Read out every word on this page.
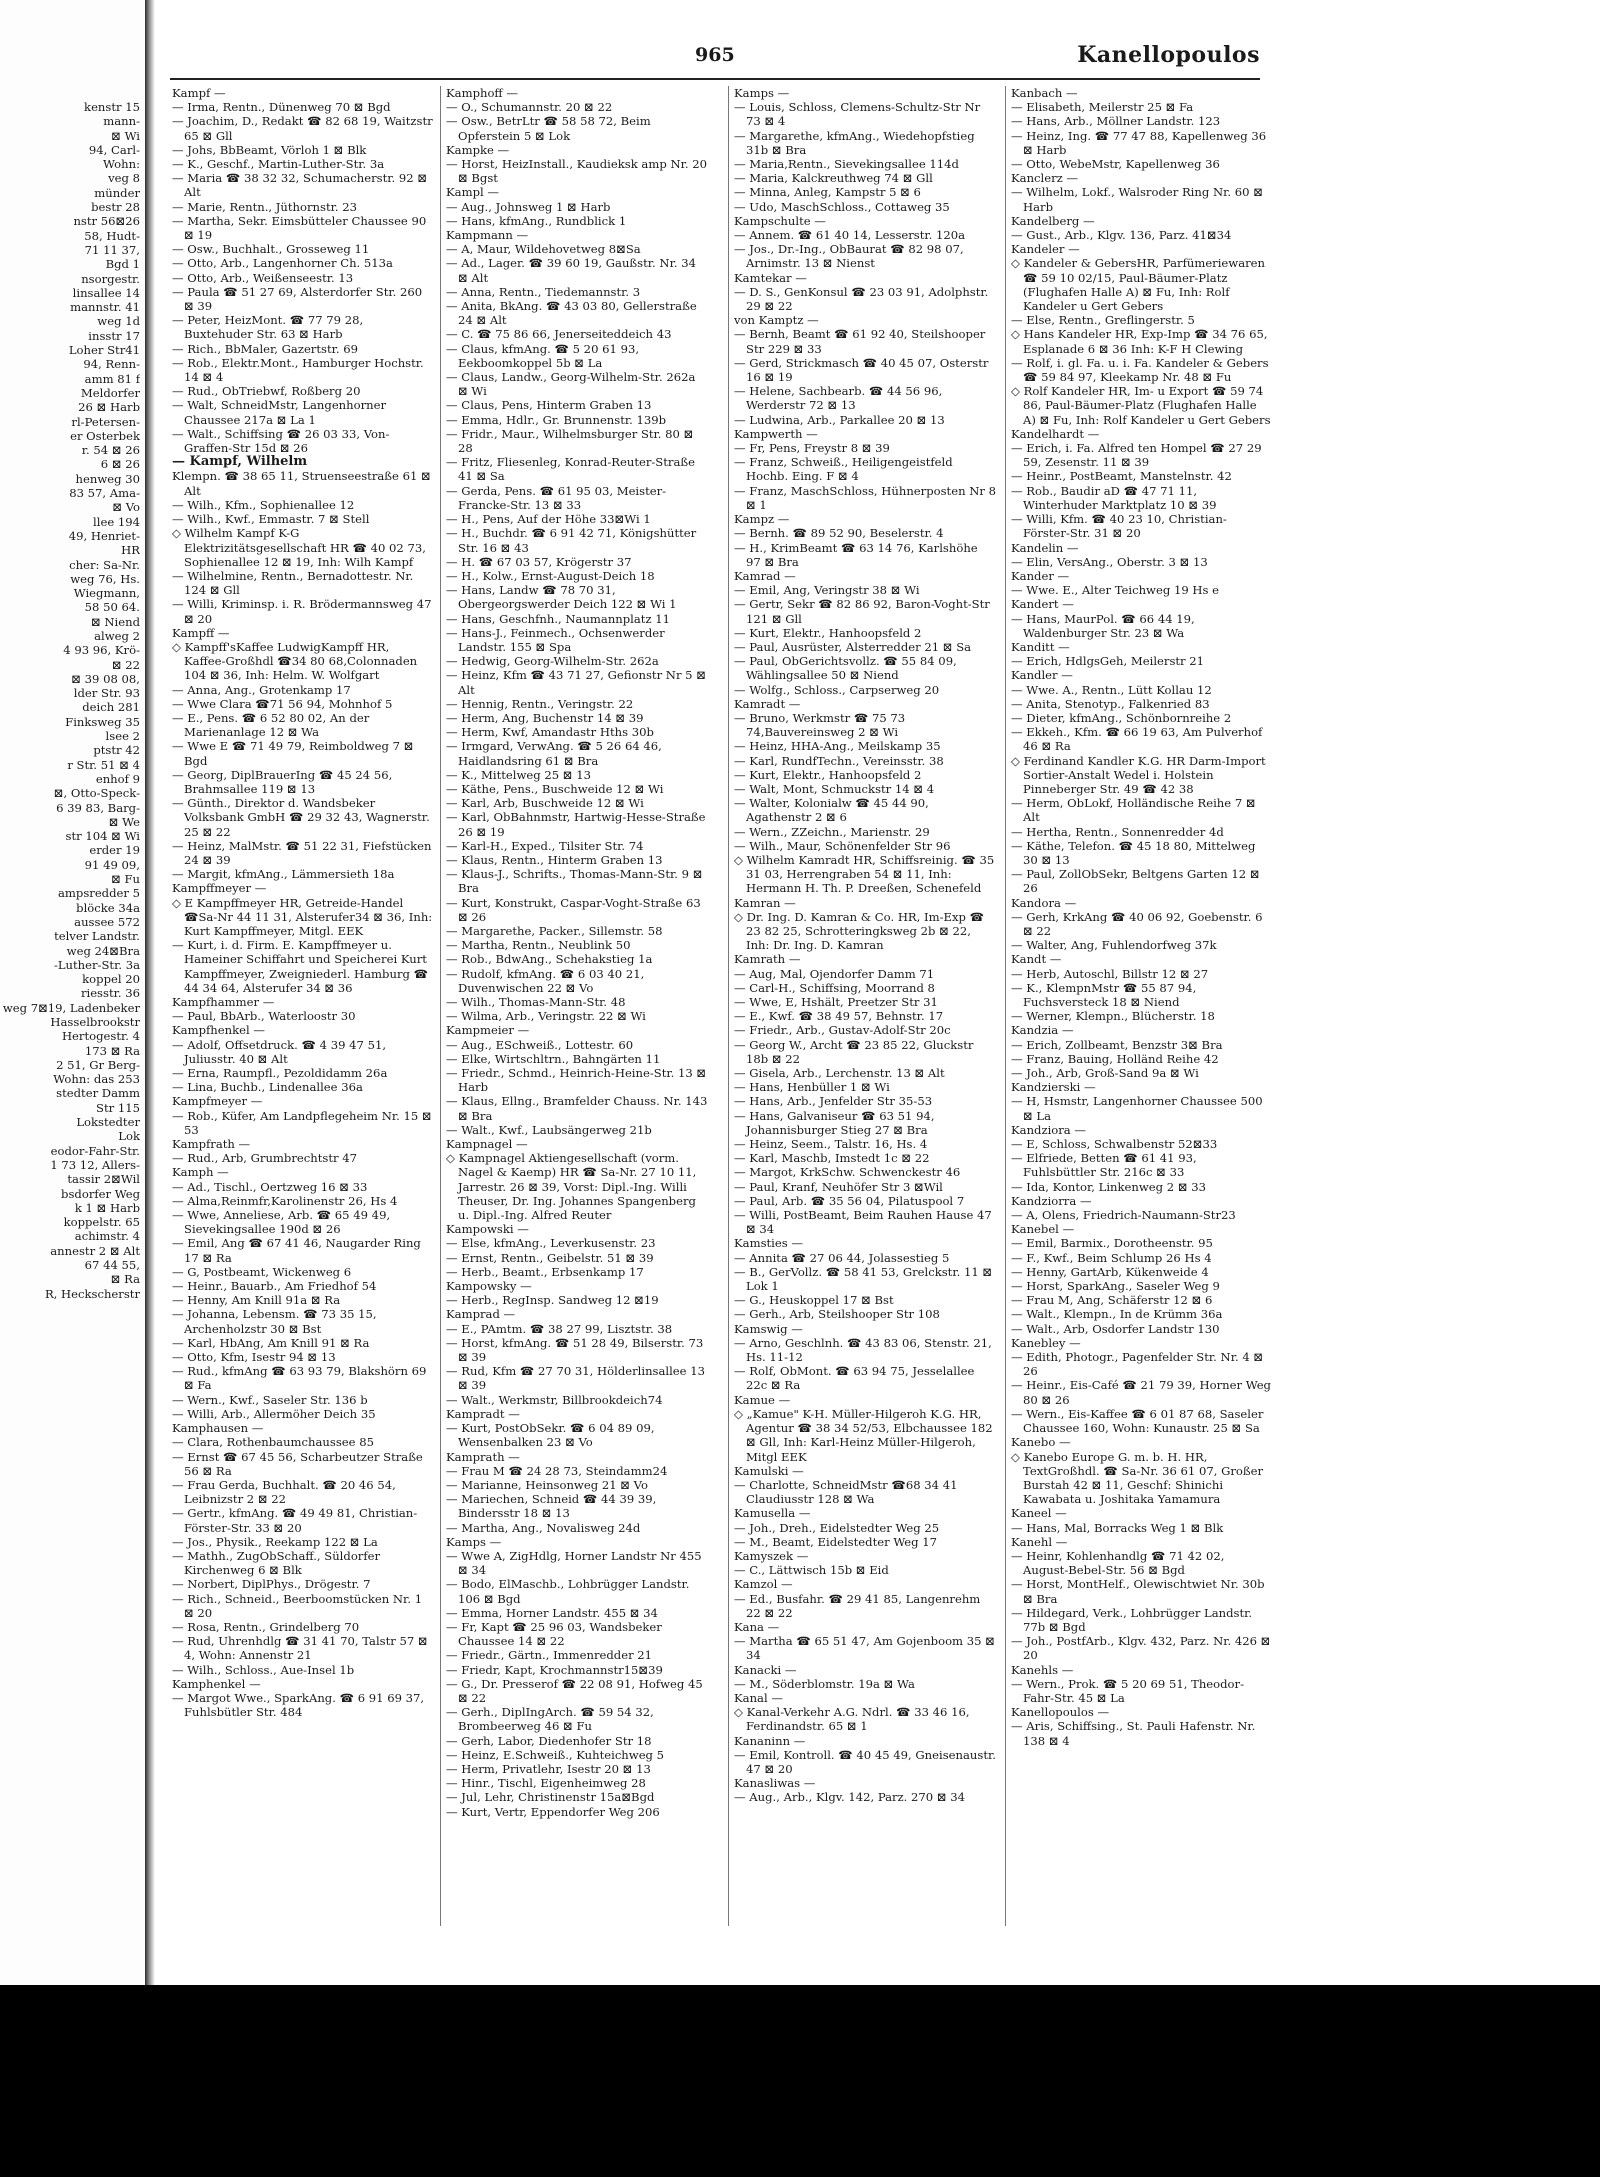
kenstr 15

mann-

⊠ Wi

94, Carl-

Wohn:

veg 8

münder

bestr 28

nstr 56⊠26

58, Hudt-

71 11 37,

Bgd 1

nsorgestr.

linsallee 14

mannstr. 41

weg 1d

insstr 17

Loher Str41

94, Renn-

amm 81 f

Meldorfer

26 ⊠ Harb

rl-Petersen-

er Osterbek

r. 54 ⊠ 26

6 ⊠ 26

henweg 30

83 57, Ama-

⊠ Vo

llee 194

49, Henriet-

HR

cher: Sa-Nr.

weg 76, Hs.

Wiegmann,

58 50 64.

⊠ Niend

alweg 2

4 93 96, Krö-

⊠ 22

⊠ 39 08 08,

lder Str. 93

deich 281

Finksweg 35

lsee 2

ptstr 42

r Str. 51 ⊠ 4

enhof 9

⊠, Otto-Speck-

6 39 83, Barg-

⊠ We

str 104 ⊠ Wi

erder 19

91 49 09,

⊠ Fu

ampsredder 5

blöcke 34a

aussee 572

telver Landstr.

weg 24⊠Bra

-Luther-Str. 3a

koppel 20

riesstr. 36

weg 7⊠19, Ladenbeker

Hasselbrookstr

Hertogestr. 4

173 ⊠ Ra

2 51, Gr Berg-

Wohn: das 253

stedter Damm

Str 115

Lokstedter

Lok

eodor-Fahr-Str.

1 73 12, Allers-

tassir 2⊠Wil

bsdorfer Weg

k 1 ⊠ Harb

koppelstr. 65

achimstr. 4

annestr 2 ⊠ Alt

67 44 55,

⊠ Ra

R, Heckscherstr

965	Kanellopoulos

Kampf —

— Irma, Rentn., Dünenweg 70 ⊠ Bgd

— Joachim, D., Redakt ☎ 82 68 19, Waitzstr 65 ⊠ Gll

— Johs, BbBeamt, Vörloh 1 ⊠ Blk

— K., Geschf., Martin-Luther-Str. 3a

— Maria ☎ 38 32 32, Schumacherstr. 92 ⊠ Alt

— Marie, Rentn., Jüthornstr. 23

— Martha, Sekr. Eimsbütteler Chaussee 90 ⊠ 19

— Osw., Buchhalt., Grosseweg 11

— Otto, Arb., Langenhorner Ch. 513a

— Otto, Arb., Weißenseestr. 13

— Paula ☎ 51 27 69, Alsterdorfer Str. 260 ⊠ 39

— Peter, HeizMont. ☎ 77 79 28, Buxtehuder Str. 63 ⊠ Harb

— Rich., BbMaler, Gazertstr. 69

— Rob., Elektr.Mont., Hamburger Hochstr. 14 ⊠ 4

— Rud., ObTriebwf, Roßberg 20

— Walt, SchneidMstr, Langenhorner Chaussee 217a ⊠ La 1

— Walt., Schiffsing ☎ 26 03 33, Von-Graffen-Str 15d ⊠ 26

— Kampf, Wilhelm

Klempn. ☎ 38 65 11, Struenseestraße 61 ⊠ Alt

— Wilh., Kfm., Sophienallee 12

— Wilh., Kwf., Emmastr. 7 ⊠ Stell

◇ Wilhelm Kampf K-G Elektrizitätsgesellschaft HR ☎ 40 02 73, Sophienallee 12 ⊠ 19, Inh: Wilh Kampf

— Wilhelmine, Rentn., Bernadottestr. Nr. 124 ⊠ Gll

— Willi, Kriminsp. i. R. Brödermannsweg 47 ⊠ 20

Kampff —

◇ Kampff'sKaffee LudwigKampff HR, Kaffee-Großhdl ☎34 80 68,Colonnaden 104 ⊠ 36, Inh: Helm. W. Wolfgart

— Anna, Ang., Grotenkamp 17

— Wwe Clara ☎71 56 94, Mohnhof 5

— E., Pens. ☎ 6 52 80 02, An der Marienanlage 12 ⊠ Wa

— Wwe E ☎ 71 49 79, Reimboldweg 7 ⊠ Bgd

— Georg, DiplBrauerIng ☎ 45 24 56, Brahmsallee 119 ⊠ 13

— Günth., Direktor d. Wandsbeker Volksbank GmbH ☎ 29 32 43, Wagnerstr. 25 ⊠ 22

— Heinz, MalMstr. ☎ 51 22 31, Fiefstücken 24 ⊠ 39

— Margit, kfmAng., Lämmersieth 18a

Kampffmeyer —

◇ E Kampffmeyer HR, Getreide-Handel ☎Sa-Nr 44 11 31, Alsterufer34 ⊠ 36, Inh: Kurt Kampffmeyer, Mitgl. EEK

— Kurt, i. d. Firm. E. Kampffmeyer u. Hameiner Schiffahrt und Speicherei Kurt Kampffmeyer, Zweigniederl. Hamburg ☎ 44 34 64, Alsterufer 34 ⊠ 36

Kampfhammer —

— Paul, BbArb., Waterloostr 30

Kampfhenkel —

— Adolf, Offsetdruck. ☎ 4 39 47 51, Juliusstr. 40 ⊠ Alt

— Erna, Raumpfl., Pezoldidamm 26a

— Lina, Buchb., Lindenallee 36a

Kampfmeyer —

— Rob., Küfer, Am Landpflegeheim Nr. 15 ⊠ 53

Kampfrath —

— Rud., Arb, Grumbrechtstr 47

Kamph —

— Ad., Tischl., Oertzweg 16 ⊠ 33

— Alma,Reinmfr,Karolinenstr 26, Hs 4

— Wwe, Anneliese, Arb. ☎ 65 49 49, Sievekingsallee 190d ⊠ 26

— Emil, Ang ☎ 67 41 46, Naugarder Ring 17 ⊠ Ra

— G, Postbeamt, Wickenweg 6

— Heinr., Bauarb., Am Friedhof 54

— Henny, Am Knill 91a ⊠ Ra

— Johanna, Lebensm. ☎ 73 35 15, Archenholzstr 30 ⊠ Bst

— Karl, HbAng, Am Knill 91 ⊠ Ra

— Otto, Kfm, Isestr 94 ⊠ 13

— Rud., kfmAng ☎ 63 93 79, Blakshörn 69 ⊠ Fa

— Wern., Kwf., Saseler Str. 136 b

— Willi, Arb., Allermöher Deich 35

Kamphausen —

— Clara, Rothenbaumchaussee 85

— Ernst ☎ 67 45 56, Scharbeutzer Straße 56 ⊠ Ra

— Frau Gerda, Buchhalt. ☎ 20 46 54, Leibnizstr 2 ⊠ 22

— Gertr., kfmAng. ☎ 49 49 81, Christian-Förster-Str. 33 ⊠ 20

— Jos., Physik., Reekamp 122 ⊠ La

— Mathh., ZugObSchaff., Süldorfer Kirchenweg 6 ⊠ Blk

— Norbert, DiplPhys., Drögestr. 7

— Rich., Schneid., Beerboomstücken Nr. 1 ⊠ 20

— Rosa, Rentn., Grindelberg 70

— Rud, Uhrenhdlg ☎ 31 41 70, Talstr 57 ⊠ 4, Wohn: Annenstr 21

— Wilh., Schloss., Aue-Insel 1b

Kamphenkel —

— Margot Wwe., SparkAng. ☎ 6 91 69 37, Fuhlsbütler Str. 484

Kamphoff —

— O., Schumannstr. 20 ⊠ 22

— Osw., BetrLtr ☎ 58 58 72, Beim Opferstein 5 ⊠ Lok

Kampke —

— Horst, HeizInstall., Kaudieksk amp Nr. 20 ⊠ Bgst

Kampl —

— Aug., Johnsweg 1 ⊠ Harb

— Hans, kfmAng., Rundblick 1

Kampmann —

— A, Maur, Wildehovetweg 8⊠Sa

— Ad., Lager. ☎ 39 60 19, Gaußstr. Nr. 34 ⊠ Alt

— Anna, Rentn., Tiedemannstr. 3

— Anita, BkAng. ☎ 43 03 80, Gellerstraße 24 ⊠ Alt

— C. ☎ 75 86 66, Jenerseiteddeich 43

— Claus, kfmAng. ☎ 5 20 61 93, Eekboomkoppel 5b ⊠ La

— Claus, Landw., Georg-Wilhelm-Str. 262a ⊠ Wi

— Claus, Pens, Hinterm Graben 13

— Emma, Hdlr., Gr. Brunnenstr. 139b

— Fridr., Maur., Wilhelmsburger Str. 80 ⊠ 28

— Fritz, Fliesenleg, Konrad-Reuter-Straße 41 ⊠ Sa

— Gerda, Pens. ☎ 61 95 03, Meister-Francke-Str. 13 ⊠ 33

— H., Pens, Auf der Höhe 33⊠Wi 1

— H., Buchdr. ☎ 6 91 42 71, Königshütter Str. 16 ⊠ 43

— H. ☎ 67 03 57, Krögerstr 37

— H., Kolw., Ernst-August-Deich 18

— Hans, Landw ☎ 78 70 31, Obergeorgswerder Deich 122 ⊠ Wi 1

— Hans, Geschfnh., Naumannplatz 11

— Hans-J., Feinmech., Ochsenwerder Landstr. 155 ⊠ Spa

— Hedwig, Georg-Wilhelm-Str. 262a

— Heinz, Kfm ☎ 43 71 27, Gefionstr Nr 5 ⊠ Alt

— Hennig, Rentn., Veringstr. 22

— Herm, Ang, Buchenstr 14 ⊠ 39

— Herm, Kwf, Amandastr Hths 30b

— Irmgard, VerwAng. ☎ 5 26 64 46, Haidlandsring 61 ⊠ Bra

— K., Mittelweg 25 ⊠ 13

— Käthe, Pens., Buschweide 12 ⊠ Wi

— Karl, Arb, Buschweide 12 ⊠ Wi

— Karl, ObBahnmstr, Hartwig-Hesse-Straße 26 ⊠ 19

— Karl-H., Exped., Tilsiter Str. 74

— Klaus, Rentn., Hinterm Graben 13

— Klaus-J., Schrifts., Thomas-Mann-Str. 9 ⊠ Bra

— Kurt, Konstrukt, Caspar-Voght-Straße 63 ⊠ 26

— Margarethe, Packer., Sillemstr. 58

— Martha, Rentn., Neublink 50

— Rob., BdwAng., Schehakstieg 1a

— Rudolf, kfmAng. ☎ 6 03 40 21, Duvenwischen 22 ⊠ Vo

— Wilh., Thomas-Mann-Str. 48

— Wilma, Arb., Veringstr. 22 ⊠ Wi

Kampmeier —

— Aug., ESchweiß., Lottestr. 60

— Elke, Wirtschltrn., Bahngärten 11

— Friedr., Schmd., Heinrich-Heine-Str. 13 ⊠ Harb

— Klaus, Ellng., Bramfelder Chauss. Nr. 143 ⊠ Bra

— Walt., Kwf., Laubsängerweg 21b

Kampnagel —

◇ Kampnagel Aktiengesellschaft (vorm. Nagel & Kaemp) HR ☎ Sa-Nr. 27 10 11, Jarrestr. 26 ⊠ 39, Vorst: Dipl.-Ing. Willi Theuser, Dr. Ing. Johannes Spangenberg u. Dipl.-Ing. Alfred Reuter

Kampowski —

— Else, kfmAng., Leverkusenstr. 23

— Ernst, Rentn., Geibelstr. 51 ⊠ 39

— Herb., Beamt., Erbsenkamp 17

Kampowsky —

— Herb., RegInsp. Sandweg 12 ⊠19

Kamprad —

— E., PAmtm. ☎ 38 27 99, Lisztstr. 38

— Horst, kfmAng. ☎ 51 28 49, Bilserstr. 73 ⊠ 39

— Rud, Kfm ☎ 27 70 31, Hölderlinsallee 13 ⊠ 39

— Walt., Werkmstr, Billbrookdeich74

Kampradt —

— Kurt, PostObSekr. ☎ 6 04 89 09, Wensenbalken 23 ⊠ Vo

Kamprath —

— Frau M ☎ 24 28 73, Steindamm24

— Marianne, Heinsonweg 21 ⊠ Vo

— Mariechen, Schneid ☎ 44 39 39, Bindersstr 18 ⊠ 13

— Martha, Ang., Novalisweg 24d

Kamps —

— Wwe A, ZigHdlg, Horner Landstr Nr 455 ⊠ 34

— Bodo, ElMaschb., Lohbrügger Landstr. 106 ⊠ Bgd

— Emma, Horner Landstr. 455 ⊠ 34

— Fr, Kapt ☎ 25 96 03, Wandsbeker Chaussee 14 ⊠ 22

— Friedr., Gärtn., Immenredder 21

— Friedr, Kapt, Krochmannstr15⊠39

— G., Dr. Presserof ☎ 22 08 91, Hofweg 45 ⊠ 22

— Gerh., DiplIngArch. ☎ 59 54 32, Brombeerweg 46 ⊠ Fu

— Gerh, Labor, Diedenhofer Str 18

— Heinz, E.Schweiß., Kuhteichweg 5

— Herm, Privatlehr, Isestr 20 ⊠ 13

— Hinr., Tischl, Eigenheimweg 28

— Jul, Lehr, Christinenstr 15a⊠Bgd

— Kurt, Vertr, Eppendorfer Weg 206

Kamps —

— Louis, Schloss, Clemens-Schultz-Str Nr 73 ⊠ 4

— Margarethe, kfmAng., Wiedehopfstieg 31b ⊠ Bra

— Maria,Rentn., Sievekingsallee 114d

— Maria, Kalckreuthweg 74 ⊠ Gll

— Minna, Anleg, Kampstr 5 ⊠ 6

— Udo, MaschSchloss., Cottaweg 35

Kampschulte —

— Annem. ☎ 61 40 14, Lesserstr. 120a

— Jos., Dr.-Ing., ObBaurat ☎ 82 98 07, Arnimstr. 13 ⊠ Nienst

Kamtekar —

— D. S., GenKonsul ☎ 23 03 91, Adolphstr. 29 ⊠ 22

von Kamptz —

— Bernh, Beamt ☎ 61 92 40, Steilshooper Str 229 ⊠ 33

— Gerd, Strickmasch ☎ 40 45 07, Osterstr 16 ⊠ 19

— Helene, Sachbearb. ☎ 44 56 96, Werderstr 72 ⊠ 13

— Ludwina, Arb., Parkallee 20 ⊠ 13

Kampwerth —

— Fr, Pens, Freystr 8 ⊠ 39

— Franz, Schweiß., Heiligengeistfeld Hochb. Eing. F ⊠ 4

— Franz, MaschSchloss, Hühnerposten Nr 8 ⊠ 1

Kampz —

— Bernh. ☎ 89 52 90, Beselerstr. 4

— H., KrimBeamt ☎ 63 14 76, Karlshöhe 97 ⊠ Bra

Kamrad —

— Emil, Ang, Veringstr 38 ⊠ Wi

— Gertr, Sekr ☎ 82 86 92, Baron-Voght-Str 121 ⊠ Gll

— Kurt, Elektr., Hanhoopsfeld 2

— Paul, Ausrüster, Alsterredder 21 ⊠ Sa

— Paul, ObGerichtsvollz. ☎ 55 84 09, Wählingsallee 50 ⊠ Niend

— Wolfg., Schloss., Carpserweg 20

Kamradt —

— Bruno, Werkmstr ☎ 75 73 74,Bauvereinsweg 2 ⊠ Wi

— Heinz, HHA-Ang., Meilskamp 35

— Karl, RundfTechn., Vereinsstr. 38

— Kurt, Elektr., Hanhoopsfeld 2

— Walt, Mont, Schmuckstr 14 ⊠ 4

— Walter, Kolonialw ☎ 45 44 90, Agathenstr 2 ⊠ 6

— Wern., ZZeichn., Marienstr. 29

— Wilh., Maur, Schönenfelder Str 96

◇ Wilhelm Kamradt HR, Schiffsreinig. ☎ 35 31 03, Herrengraben 54 ⊠ 11, Inh: Hermann H. Th. P. Dreeßen, Schenefeld

Kamran —

◇ Dr. Ing. D. Kamran & Co. HR, Im-Exp ☎ 23 82 25, Schrotteringksweg 2b ⊠ 22, Inh: Dr. Ing. D. Kamran

Kamrath —

— Aug, Mal, Ojendorfer Damm 71

— Carl-H., Schiffsing, Moorrand 8

— Wwe, E, Hshält, Preetzer Str 31

— E., Kwf. ☎ 38 49 57, Behnstr. 17

— Friedr., Arb., Gustav-Adolf-Str 20c

— Georg W., Archt ☎ 23 85 22, Gluckstr 18b ⊠ 22

— Gisela, Arb., Lerchenstr. 13 ⊠ Alt

— Hans, Henbüller 1 ⊠ Wi

— Hans, Arb., Jenfelder Str 35-53

— Hans, Galvaniseur ☎ 63 51 94, Johannisburger Stieg 27 ⊠ Bra

— Heinz, Seem., Talstr. 16, Hs. 4

— Karl, Maschb, Imstedt 1c ⊠ 22

— Margot, KrkSchw. Schwenckestr 46

— Paul, Kranf, Neuhöfer Str 3 ⊠Wil

— Paul, Arb. ☎ 35 56 04, Pilatuspool 7

— Willi, PostBeamt, Beim Rauhen Hause 47 ⊠ 34

Kamsties —

— Annita ☎ 27 06 44, Jolassestieg 5

— B., GerVollz. ☎ 58 41 53, Grelckstr. 11 ⊠ Lok 1

— G., Heuskoppel 17 ⊠ Bst

— Gerh., Arb, Steilshooper Str 108

Kamswig —

— Arno, Geschlnh. ☎ 43 83 06, Stenstr. 21, Hs. 11-12

— Rolf, ObMont. ☎ 63 94 75, Jesselallee 22c ⊠ Ra

Kamue —

◇ „Kamue" K-H. Müller-Hilgeroh K.G. HR, Agentur ☎ 38 34 52/53, Elbchaussee 182 ⊠ Gll, Inh: Karl-Heinz Müller-Hilgeroh, Mitgl EEK

Kamulski —

— Charlotte, SchneidMstr ☎68 34 41 Claudiusstr 128 ⊠ Wa

Kamusella —

— Joh., Dreh., Eidelstedter Weg 25

— M., Beamt, Eidelstedter Weg 17

Kamyszek —

— C., Lättwisch 15b ⊠ Eid

Kamzol —

— Ed., Busfahr. ☎ 29 41 85, Langenrehm 22 ⊠ 22

Kana —

— Martha ☎ 65 51 47, Am Gojenboom 35 ⊠ 34

Kanacki —

— M., Söderblomstr. 19a ⊠ Wa

Kanal —

◇ Kanal-Verkehr A.G. Ndrl. ☎ 33 46 16, Ferdinandstr. 65 ⊠ 1

Kananinn —

— Emil, Kontroll. ☎ 40 45 49, Gneisenaustr. 47 ⊠ 20

Kanasliwas —

— Aug., Arb., Klgv. 142, Parz. 270 ⊠ 34

Kanbach —

— Elisabeth, Meilerstr 25 ⊠ Fa

— Hans, Arb., Möllner Landstr. 123

— Heinz, Ing. ☎ 77 47 88, Kapellenweg 36 ⊠ Harb

— Otto, WebeMstr, Kapellenweg 36

Kanclerz —

— Wilhelm, Lokf., Walsroder Ring Nr. 60 ⊠ Harb

Kandelberg —

— Gust., Arb., Klgv. 136, Parz. 41⊠34

Kandeler —

◇ Kandeler & GebersHR, Parfümeriewaren ☎ 59 10 02/15, Paul-Bäumer-Platz (Flughafen Halle A) ⊠ Fu, Inh: Rolf Kandeler u Gert Gebers

— Else, Rentn., Greflingerstr. 5

◇ Hans Kandeler HR, Exp-Imp ☎ 34 76 65, Esplanade 6 ⊠ 36 Inh: K-F H Clewing

— Rolf, i. gl. Fa. u. i. Fa. Kandeler & Gebers ☎ 59 84 97, Kleekamp Nr. 48 ⊠ Fu

◇ Rolf Kandeler HR, Im- u Export ☎ 59 74 86, Paul-Bäumer-Platz (Flughafen Halle A) ⊠ Fu, Inh: Rolf Kandeler u Gert Gebers

Kandelhardt —

— Erich, i. Fa. Alfred ten Hompel ☎ 27 29 59, Zesenstr. 11 ⊠ 39

— Heinr., PostBeamt, Manstelnstr. 42

— Rob., Baudir aD ☎ 47 71 11, Winterhuder Marktplatz 10 ⊠ 39

— Willi, Kfm. ☎ 40 23 10, Christian-Förster-Str. 31 ⊠ 20

Kandelin —

— Elin, VersAng., Oberstr. 3 ⊠ 13

Kander —

— Wwe. E., Alter Teichweg 19 Hs e

Kandert —

— Hans, MaurPol. ☎ 66 44 19, Waldenburger Str. 23 ⊠ Wa

Kanditt —

— Erich, HdlgsGeh, Meilerstr 21

Kandler —

— Wwe. A., Rentn., Lütt Kollau 12

— Anita, Stenotyp., Falkenried 83

— Dieter, kfmAng., Schönbornreihe 2

— Ekkeh., Kfm. ☎ 66 19 63, Am Pulverhof 46 ⊠ Ra

◇ Ferdinand Kandler K.G. HR Darm-Import Sortier-Anstalt Wedel i. Holstein Pinneberger Str. 49 ☎ 42 38

— Herm, ObLokf, Holländische Reihe 7 ⊠ Alt

— Hertha, Rentn., Sonnenredder 4d

— Käthe, Telefon. ☎ 45 18 80, Mittelweg 30 ⊠ 13

— Paul, ZollObSekr, Beltgens Garten 12 ⊠ 26

Kandora —

— Gerh, KrkAng ☎ 40 06 92, Goebenstr. 6 ⊠ 22

— Walter, Ang, Fuhlendorfweg 37k

Kandt —

— Herb, Autoschl, Billstr 12 ⊠ 27

— K., KlempnMstr ☎ 55 87 94, Fuchsversteck 18 ⊠ Niend

— Werner, Klempn., Blücherstr. 18

Kandzia —

— Erich, Zollbeamt, Benzstr 3⊠ Bra

— Franz, Bauing, Holländ Reihe 42

— Joh., Arb, Groß-Sand 9a ⊠ Wi

Kandzierski —

— H, Hsmstr, Langenhorner Chaussee 500 ⊠ La

Kandziora —

— E, Schloss, Schwalbenstr 52⊠33

— Elfriede, Betten ☎ 61 41 93, Fuhlsbüttler Str. 216c ⊠ 33

— Ida, Kontor, Linkenweg 2 ⊠ 33

Kandziorra —

— A, Olens, Friedrich-Naumann-Str23

Kanebel —

— Emil, Barmix., Dorotheenstr. 95

— F., Kwf., Beim Schlump 26 Hs 4

— Henny, GartArb, Kükenweide 4

— Horst, SparkAng., Saseler Weg 9

— Frau M, Ang, Schäferstr 12 ⊠ 6

— Walt., Klempn., In de Krümm 36a

— Walt., Arb, Osdorfer Landstr 130

Kanebley —

— Edith, Photogr., Pagenfelder Str. Nr. 4 ⊠ 26

— Heinr., Eis-Café ☎ 21 79 39, Horner Weg 80 ⊠ 26

— Wern., Eis-Kaffee ☎ 6 01 87 68, Saseler Chaussee 160, Wohn: Kunaustr. 25 ⊠ Sa

Kanebo —

◇ Kanebo Europe G. m. b. H. HR, TextGroßhdl. ☎ Sa-Nr. 36 61 07, Großer Burstah 42 ⊠ 11, Geschf: Shinichi Kawabata u. Joshitaka Yamamura

Kaneel —

— Hans, Mal, Borracks Weg 1 ⊠ Blk

Kanehl —

— Heinr, Kohlenhandlg ☎ 71 42 02, August-Bebel-Str. 56 ⊠ Bgd

— Horst, MontHelf., Olewischtwiet Nr. 30b ⊠ Bra

— Hildegard, Verk., Lohbrügger Landstr. 77b ⊠ Bgd

— Joh., PostfArb., Klgv. 432, Parz. Nr. 426 ⊠ 20

Kanehls —

— Wern., Prok. ☎ 5 20 69 51, Theodor-Fahr-Str. 45 ⊠ La

Kanellopoulos —

— Aris, Schiffsing., St. Pauli Hafenstr. Nr. 138 ⊠ 4
